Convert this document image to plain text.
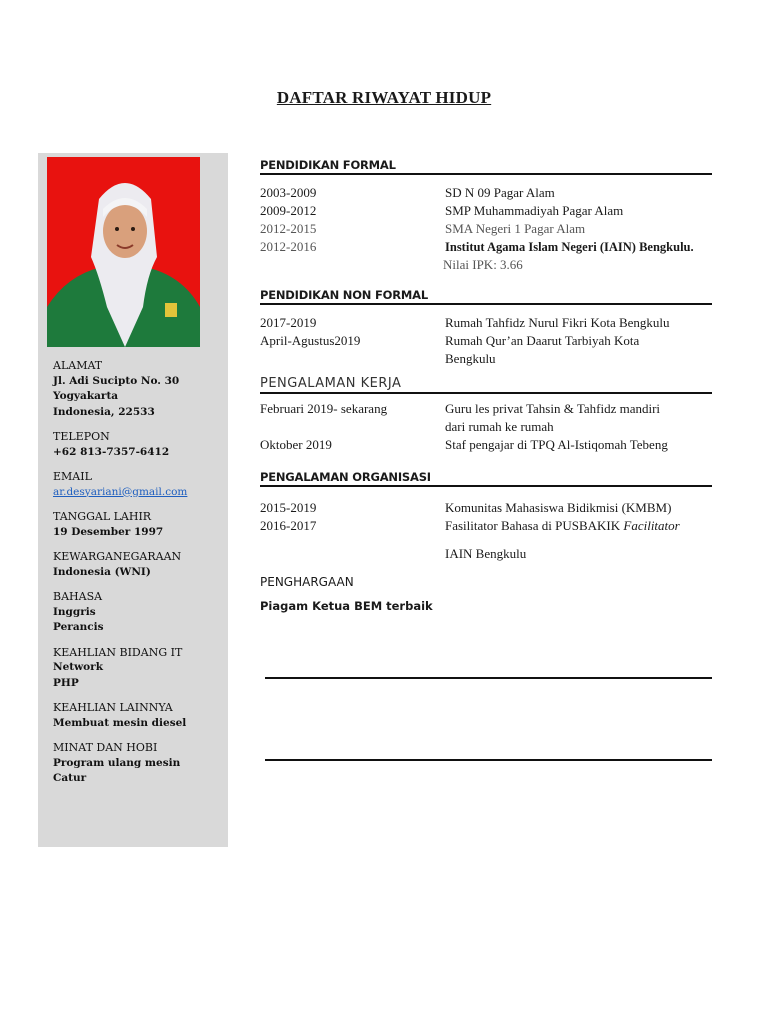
DAFTAR RIWAYAT HIDUP
ALAMAT
Jl. Adi Sucipto No. 30
Yogyakarta
Indonesia, 22533
TELEPON
+62 813-7357-6412
EMAIL
ar.desyariani@gmail.com
TANGGAL LAHIR
19 Desember 1997
KEWARGANEGARAAN
Indonesia (WNI)
BAHASA
Inggris
Perancis
KEAHLIAN BIDANG IT
Network
PHP
KEAHLIAN LAINNYA
Membuat mesin diesel
MINAT DAN HOBI
Program ulang mesin
Catur
PENDIDIKAN FORMAL
2003-2009	SD N 09 Pagar Alam
2009-2012	SMP Muhammadiyah Pagar Alam
2012-2015	SMA Negeri 1 Pagar Alam
2012-2016	Institut Agama Islam Negeri (IAIN) Bengkulu.
Nilai IPK: 3.66
PENDIDIKAN NON FORMAL
2017-2019	Rumah Tahfidz Nurul Fikri Kota Bengkulu
April-Agustus2019	Rumah Qur’an Daarut Tarbiyah Kota
Bengkulu
PENGALAMAN KERJA
Februari 2019- sekarang	Guru les privat Tahsin & Tahfidz mandiri
dari rumah ke rumah
Oktober 2019	Staf pengajar di TPQ Al-Istiqomah Tebeng
PENGALAMAN ORGANISASI
2015-2019	Komunitas Mahasiswa Bidikmisi (KMBM)
2016-2017	Fasilitator Bahasa di PUSBAKIK Facilitator
IAIN Bengkulu
PENGHARGAAN
Piagam Ketua BEM terbaik
